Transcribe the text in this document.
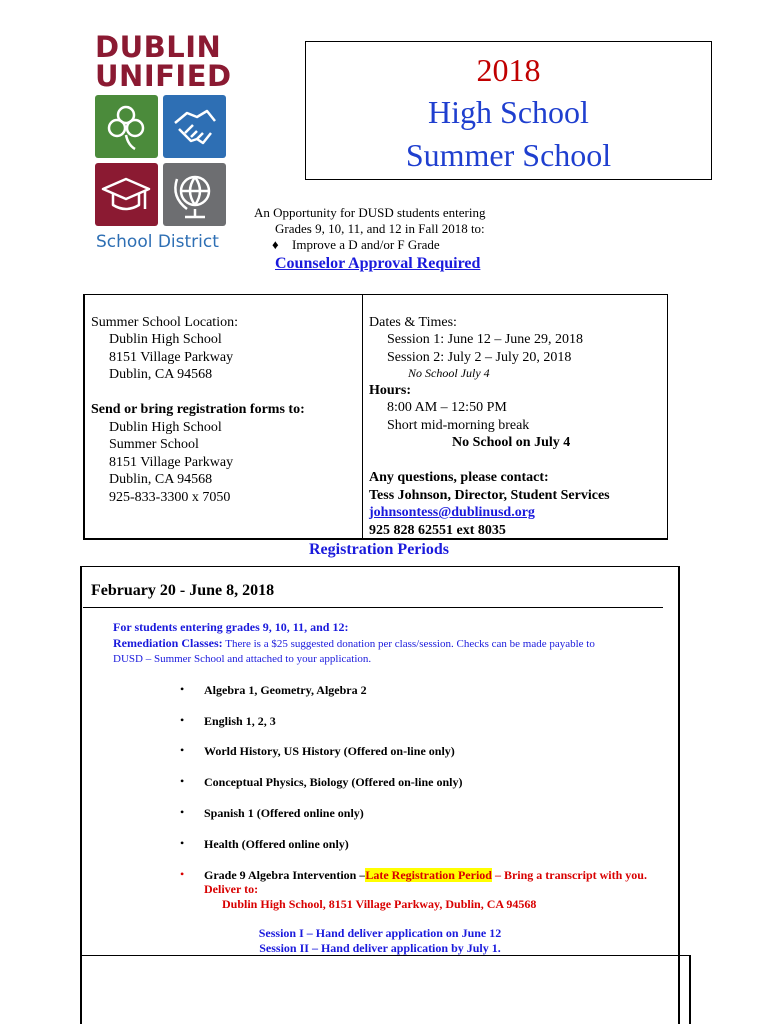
DUBLIN
UNIFIED
School District
2018
High School
Summer School
An Opportunity for DUSD students entering
Grades 9, 10, 11, and 12 in Fall 2018 to:
♦ Improve a D and/or F Grade
Counselor Approval Required
Summer School Location:
Dublin High School
8151 Village Parkway
Dublin, CA 94568
Send or bring registration forms to:
Dublin High School
Summer School
8151 Village Parkway
Dublin, CA 94568
925-833-3300 x 7050
Dates & Times:
Session 1: June 12 – June 29, 2018
Session 2: July 2 – July 20, 2018
No School July 4
Hours:
8:00 AM – 12:50 PM
Short mid-morning break
No School on July 4
Any questions, please contact:
Tess Johnson, Director, Student Services
johnsontess@dublinusd.org
925 828 62551 ext 8035
Registration Periods
February 20 - June 8, 2018
For students entering grades 9, 10, 11, and 12:
Remediation Classes: There is a $25 suggested donation per class/session. Checks can be made payable to
DUSD – Summer School and attached to your application.
• Algebra 1, Geometry, Algebra 2
• English 1, 2, 3
• World History, US History (Offered on-line only)
• Conceptual Physics, Biology (Offered on-line only)
• Spanish 1 (Offered online only)
• Health (Offered online only)
• Grade 9 Algebra Intervention –Late Registration Period – Bring a transcript with you.
Deliver to:
Dublin High School, 8151 Village Parkway, Dublin, CA 94568
Session I – Hand deliver application on June 12
Session II – Hand deliver application by July 1.
